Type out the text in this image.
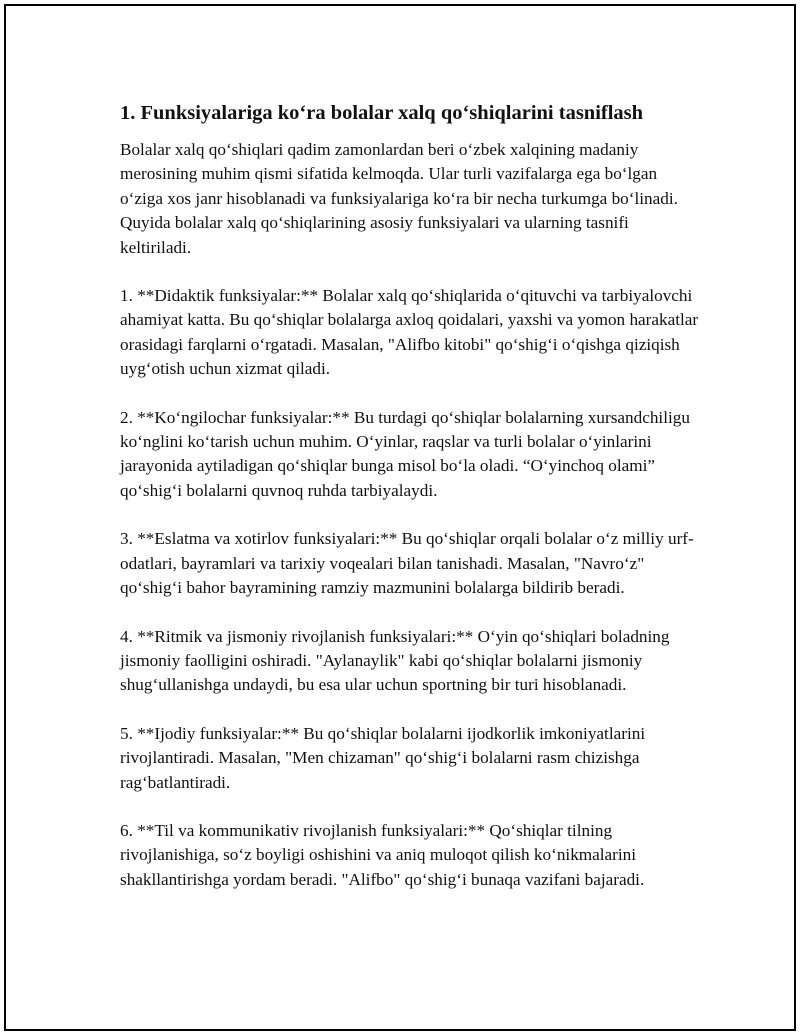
1. Funksiyalariga ko‘ra bolalar xalq qo‘shiqlarini tasniflash

Bolalar xalq qo‘shiqlari qadim zamonlardan beri o‘zbek xalqining madaniy merosining muhim qismi sifatida kelmoqda. Ular turli vazifalarga ega bo‘lgan o‘ziga xos janr hisoblanadi va funksiyalariga ko‘ra bir necha turkumga bo‘linadi. Quyida bolalar xalq qo‘shiqlarining asosiy funksiyalari va ularning tasnifi keltiriladi.

1. **Didaktik funksiyalar:** Bolalar xalq qo‘shiqlarida o‘qituvchi va tarbiyalovchi ahamiyat katta. Bu qo‘shiqlar bolalarga axloq qoidalari, yaxshi va yomon harakatlar orasidagi farqlarni o‘rgatadi. Masalan, "Alifbo kitobi" qo‘shig‘i o‘qishga qiziqish uyg‘otish uchun xizmat qiladi.

2. **Ko‘ngilochar funksiyalar:** Bu turdagi qo‘shiqlar bolalarning xursandchiligu ko‘nglini ko‘tarish uchun muhim. O‘yinlar, raqslar va turli bolalar o‘yinlarini jarayonida aytiladigan qo‘shiqlar bunga misol bo‘la oladi. “O‘yinchoq olami” qo‘shig‘i bolalarni quvnoq ruhda tarbiyalaydi.

3. **Eslatma va xotirlov funksiyalari:** Bu qo‘shiqlar orqali bolalar o‘z milliy urf-odatlari, bayramlari va tarixiy voqealari bilan tanishadi. Masalan, "Navro‘z" qo‘shig‘i bahor bayramining ramziy mazmunini bolalarga bildirib beradi.

4. **Ritmik va jismoniy rivojlanish funksiyalari:** O‘yin qo‘shiqlari boladning jismoniy faolligini oshiradi. "Aylanaylik" kabi qo‘shiqlar bolalarni jismoniy shug‘ullanishga undaydi, bu esa ular uchun sportning bir turi hisoblanadi.

5. **Ijodiy funksiyalar:** Bu qo‘shiqlar bolalarni ijodkorlik imkoniyatlarini rivojlantiradi. Masalan, "Men chizaman" qo‘shig‘i bolalarni rasm chizishga rag‘batlantiradi.

6. **Til va kommunikativ rivojlanish funksiyalari:** Qo‘shiqlar tilning rivojlanishiga, so‘z boyligi oshishini va aniq muloqot qilish ko‘nikmalarini shakllantirishga yordam beradi. "Alifbo" qo‘shig‘i bunaqa vazifani bajaradi.
